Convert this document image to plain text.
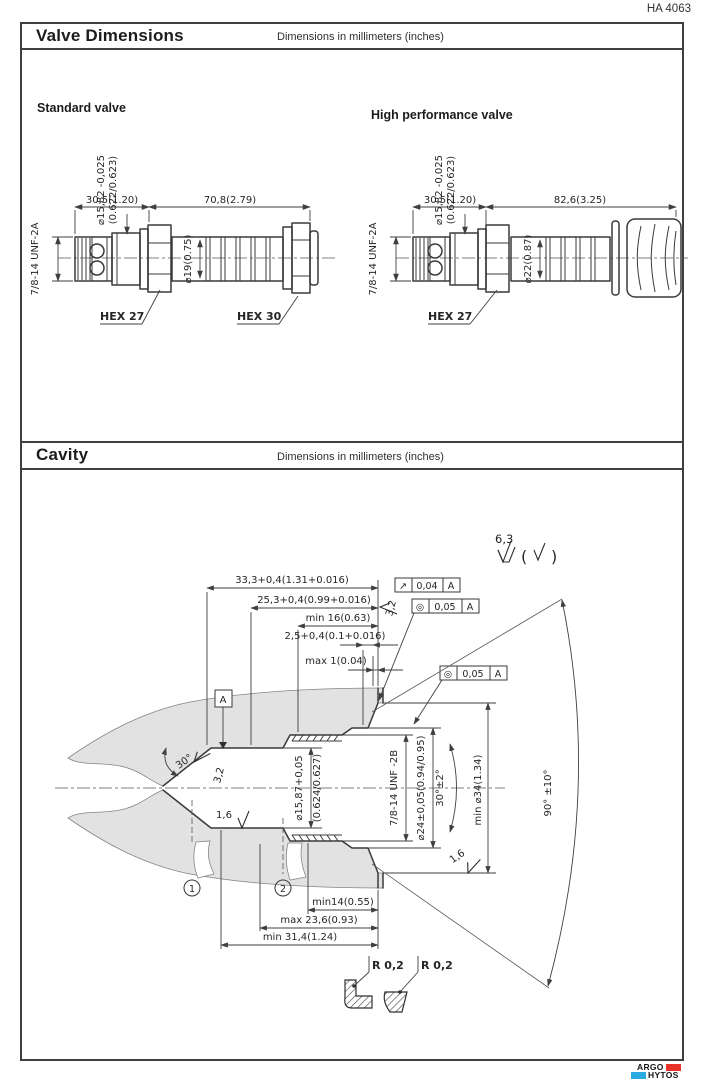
HA 4063
Valve Dimensions	Dimensions in millimeters (inches)
Standard valve	High performance valve
30,5(1.20)	70,8(2.79)
⌀15,82 -0,025 (0.622/0.623)
7/8-14 UNF-2A	⌀19(0.75)
HEX 27	HEX 30
30,5(1.20)	82,6(3.25)
⌀15,82 -0,025 (0.622/0.623)
7/8-14 UNF-2A	⌀22(0.87)
HEX 27
Cavity	Dimensions in millimeters (inches)
6,3
( )
33,3+0,4(1.31+0.016)
25,3+0,4(0.99+0.016)
min 16(0.63)
2,5+0,4(0.1+0.016)
max 1(0.04)
↗ 0,04 A
◎ 0,05 A
◎ 0,05 A
A
min ⌀34(1.34)
⌀24±0,05(0.94/0.95)
7/8-14 UNF -2B	30°±2°
⌀15,87+0,05 (0.624/0.627)	90° ±10°
30°
3,2
3,2
1,6
1,6
1	2
min14(0.55)
max 23,6(0.93)
min 31,4(1.24)
R 0,2 R 0,2
ARGO
HYTOS
